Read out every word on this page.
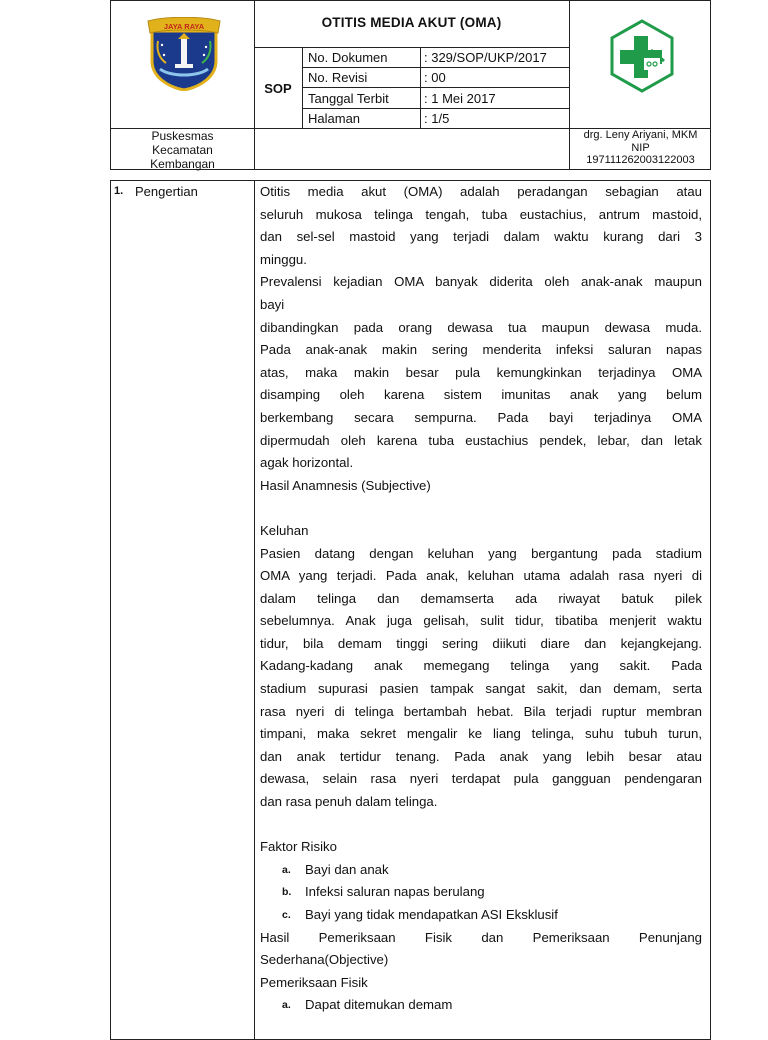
JAYA RAYA	OTITIS MEDIA AKUT (OMA)
SOP
No. Dokumen	: 329/SOP/UKP/2017
No. Revisi	: 00
Tanggal Terbit	: 1 Mei 2017
Halaman	: 1/5
Puskesmas
Kecamatan
Kembangan
drg. Leny Ariyani, MKM
NIP
197111262003122003
1. Pengertian	Otitis media akut (OMA) adalah peradangan sebagian atau

seluruh mukosa telinga tengah, tuba eustachius, antrum mastoid,

dan sel-sel mastoid yang terjadi dalam waktu kurang dari 3

minggu.

Prevalensi kejadian OMA banyak diderita oleh anak-anak maupun

bayi

dibandingkan pada orang dewasa tua maupun dewasa muda.

Pada anak-anak makin sering menderita infeksi saluran napas

atas, maka makin besar pula kemungkinkan terjadinya OMA

disamping oleh karena sistem imunitas anak yang belum

berkembang secara sempurna. Pada bayi terjadinya OMA

dipermudah oleh karena tuba eustachius pendek, lebar, dan letak

agak horizontal.

Hasil Anamnesis (Subjective)

Keluhan

Pasien datang dengan keluhan yang bergantung pada stadium

OMA yang terjadi. Pada anak, keluhan utama adalah rasa nyeri di

dalam telinga dan demamserta ada riwayat batuk pilek

sebelumnya. Anak juga gelisah, sulit tidur, tibatiba menjerit waktu

tidur, bila demam tinggi sering diikuti diare dan kejangkejang.

Kadang-kadang anak memegang telinga yang sakit. Pada

stadium supurasi pasien tampak sangat sakit, dan demam, serta

rasa nyeri di telinga bertambah hebat. Bila terjadi ruptur membran

timpani, maka sekret mengalir ke liang telinga, suhu tubuh turun,

dan anak tertidur tenang. Pada anak yang lebih besar atau

dewasa, selain rasa nyeri terdapat pula gangguan pendengaran

dan rasa penuh dalam telinga.

Faktor Risiko

a. Bayi dan anak
b. Infeksi saluran napas berulang
c. Bayi yang tidak mendapatkan ASI Eksklusif

Hasil Pemeriksaan Fisik dan Pemeriksaan Penunjang

Sederhana(Objective)

Pemeriksaan Fisik

a. Dapat ditemukan demam
